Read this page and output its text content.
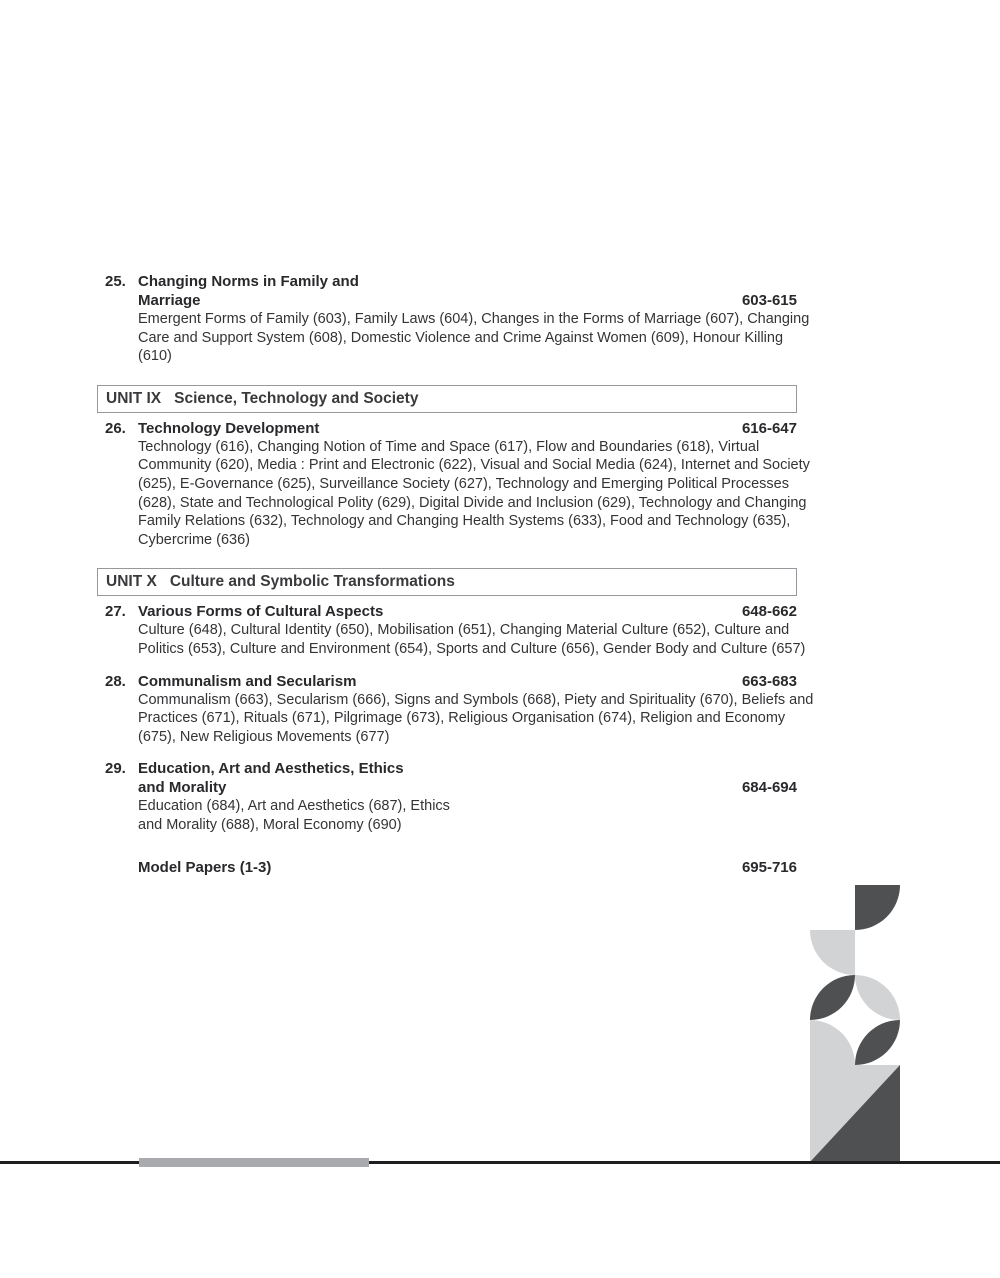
25. Changing Norms in Family and
Marriage	603-615
Emergent Forms of Family (603), Family Laws (604), Changes in the Forms of Marriage (607), Changing
Care and Support System (608), Domestic Violence and Crime Against Women (609), Honour Killing
(610)
UNIT IX Science, Technology and Society
26. Technology Development	616-647
Technology (616), Changing Notion of Time and Space (617), Flow and Boundaries (618), Virtual
Community (620), Media : Print and Electronic (622), Visual and Social Media (624), Internet and Society
(625), E-Governance (625), Surveillance Society (627), Technology and Emerging Political Processes
(628), State and Technological Polity (629), Digital Divide and Inclusion (629), Technology and Changing
Family Relations (632), Technology and Changing Health Systems (633), Food and Technology (635),
Cybercrime (636)
UNIT X Culture and Symbolic Transformations
27. Various Forms of Cultural Aspects	648-662
Culture (648), Cultural Identity (650), Mobilisation (651), Changing Material Culture (652), Culture and
Politics (653), Culture and Environment (654), Sports and Culture (656), Gender Body and Culture (657)
28. Communalism and Secularism	663-683
Communalism (663), Secularism (666), Signs and Symbols (668), Piety and Spirituality (670), Beliefs and
Practices (671), Rituals (671), Pilgrimage (673), Religious Organisation (674), Religion and Economy
(675), New Religious Movements (677)
29. Education, Art and Aesthetics, Ethics
and Morality	684-694
Education (684), Art and Aesthetics (687), Ethics
and Morality (688), Moral Economy (690)
Model Papers (1-3)	695-716
